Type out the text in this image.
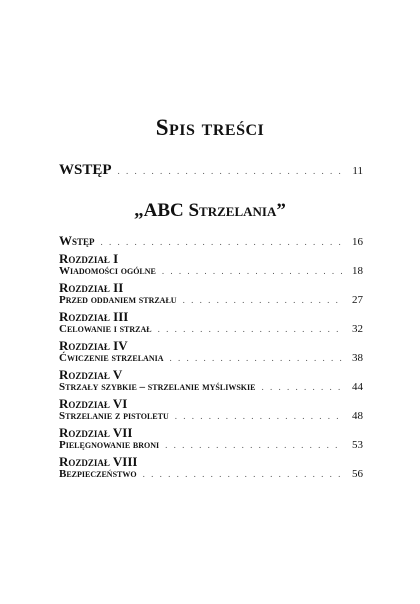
Spis treści
WSTĘP . . .	11
„ABC Strzelania”
Wstęp . . .	16
Rozdział I
Wiadomości ogólne . . .	18
Rozdział II
Przed oddaniem strzału . . .	27
Rozdział III
Celowanie i strzał . . .	32
Rozdział IV
Ćwiczenie strzelania . . .	38
Rozdział V
Strzały szybkie – strzelanie myśliwskie . . .	44
Rozdział VI
Strzelanie z pistoletu . . .	48
Rozdział VII
Pielęgnowanie broni . . .	53
Rozdział VIII
Bezpieczeństwo . . .	56
